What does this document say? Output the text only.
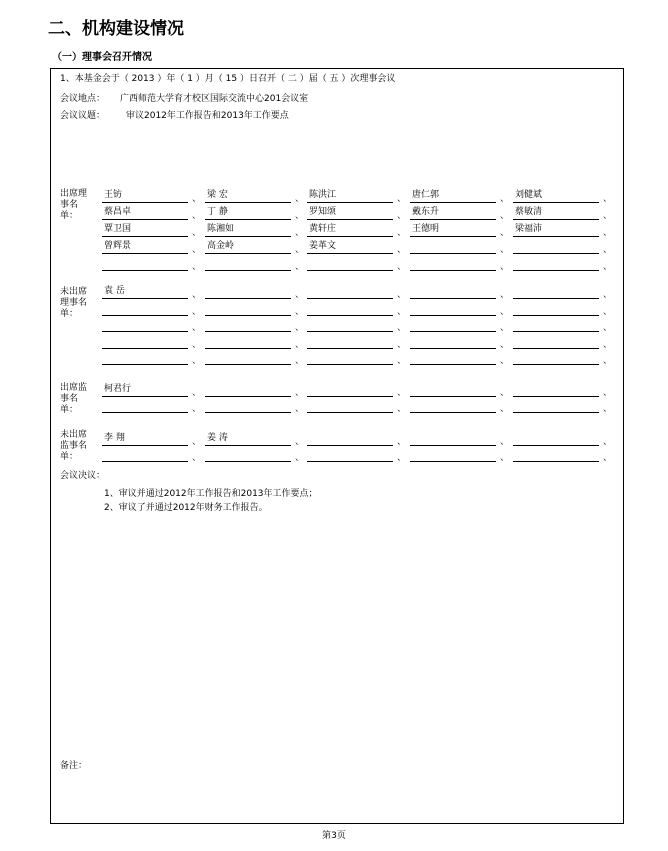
二、机构建设情况
（一）理事会召开情况
1、本基金会于（ 2013 ）年（ 1 ）月（ 15 ）日召开（ 二 ）届（ 五 ）次理事会议
会议地点： 广西师范大学育才校区国际交流中心201会议室
会议议题： 审议2012年工作报告和2013年工作要点
出席理
事名
单：
未出席
理事名
单：
出席监
事名
单：
未出席
监事名
单：
王钫	、 梁 宏	、 陈洪江	、 唐仁郭	、 刘健斌	、
蔡昌卓	、 丁 静	、 罗知颂	、 戴东升	、 蔡敏清	、
覃卫国	、 陈湘如	、 黄轩庄	、 王德明	、 梁福沛	、
曾辉景	、 高金岭	、 姜革文	、	、	、
、	、	、	、	、
袁 岳	、	、	、	、	、
、	、	、	、	、
、	、	、	、	、
、	、	、	、	、
、	、	、	、	、
柯君行	、	、	、	、	、
、	、	、	、	、
李 翔	、 姜 涛	、	、	、	、
、	、	、	、	、
会议决议：
1、审议并通过2012年工作报告和2013年工作要点；
2、审议了并通过2012年财务工作报告。
备注：
第3页
